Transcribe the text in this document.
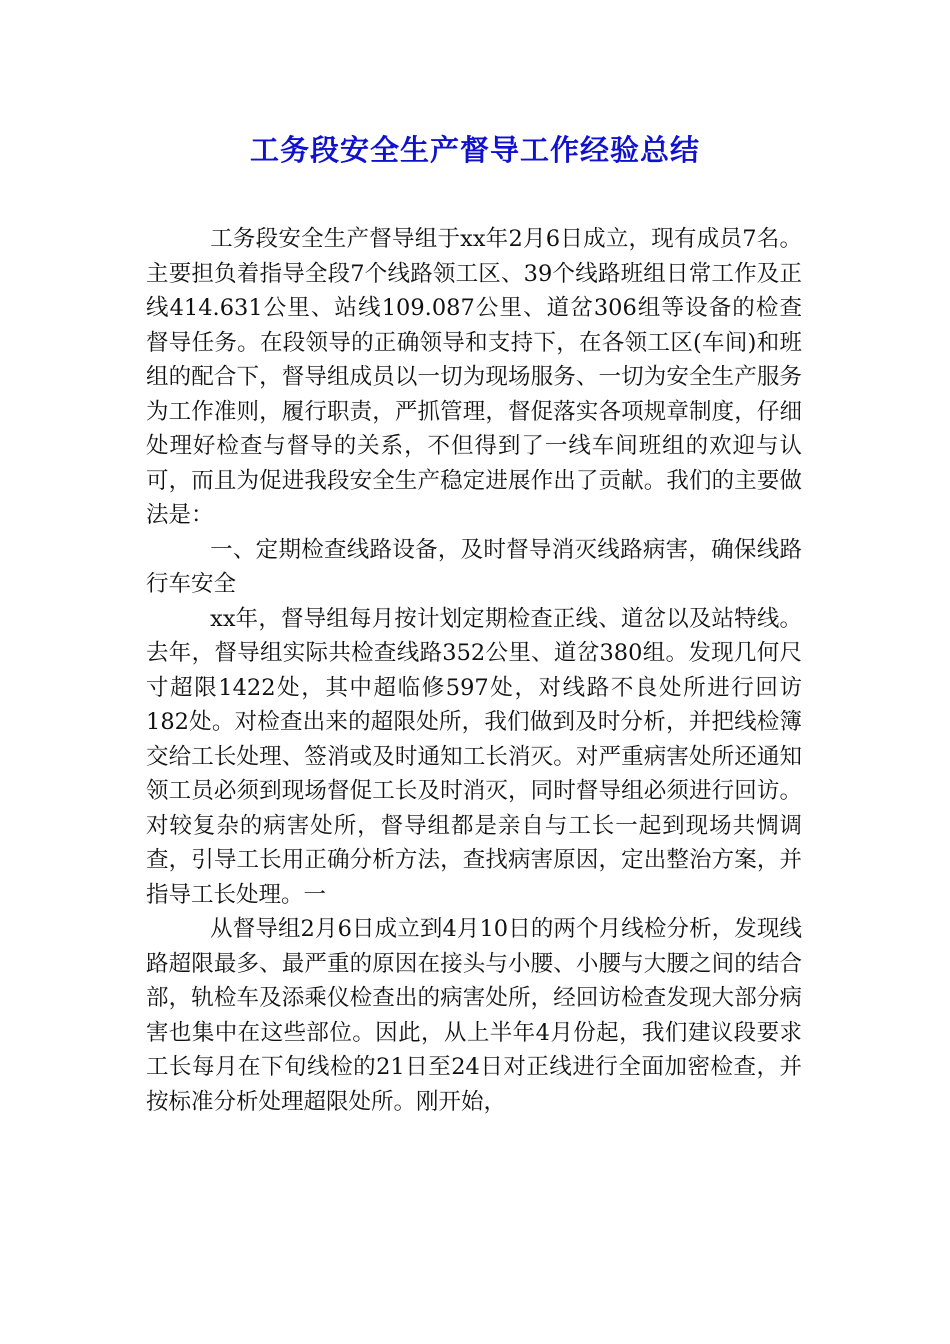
工务段安全生产督导工作经验总结

工务段安全生产督导组于xx年2月6日成立，现有成员7名。主要担负着指导全段7个线路领工区、39个线路班组日常工作及正线414.631公里、站线109.087公里、道岔306组等设备的检查督导任务。在段领导的正确领导和支持下，在各领工区(车间)和班组的配合下，督导组成员以一切为现场服务、一切为安全生产服务为工作准则，履行职责，严抓管理，督促落实各项规章制度，仔细处理好检查与督导的关系，不但得到了一线车间班组的欢迎与认可，而且为促进我段安全生产稳定进展作出了贡献。我们的主要做法是：

一、定期检查线路设备，及时督导消灭线路病害，确保线路行车安全

xx年，督导组每月按计划定期检查正线、道岔以及站特线。去年，督导组实际共检查线路352公里、道岔380组。发现几何尺寸超限1422处，其中超临修597处，对线路不良处所进行回访182处。对检查出来的超限处所，我们做到及时分析，并把线检簿交给工长处理、签消或及时通知工长消灭。对严重病害处所还通知领工员必须到现场督促工长及时消灭，同时督导组必须进行回访。对较复杂的病害处所，督导组都是亲自与工长一起到现场共惆调查，引导工长用正确分析方法，查找病害原因，定出整治方案，并指导工长处理。一

从督导组2月6日成立到4月10日的两个月线检分析，发现线路超限最多、最严重的原因在接头与小腰、小腰与大腰之间的结合部，轨检车及添乘仪检查出的病害处所，经回访检查发现大部分病害也集中在这些部位。因此，从上半年4月份起，我们建议段要求工长每月在下旬线检的21日至24日对正线进行全面加密检查，并按标准分析处理超限处所。刚开始，
